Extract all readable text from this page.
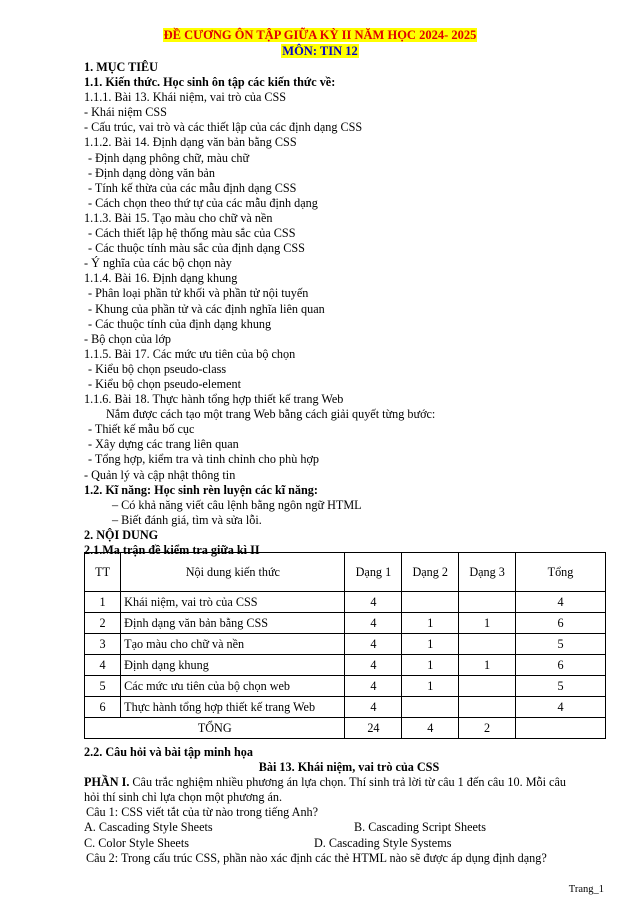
ĐỀ CƯƠNG ÔN TẬP GIỮA KỲ II NĂM HỌC 2024- 2025
MÔN: TIN 12
1. MỤC TIÊU
1.1. Kiến thức. Học sinh ôn tập các kiến thức về:
1.1.1. Bài 13. Khái niệm, vai trò của CSS
- Khái niệm CSS
- Cấu trúc, vai trò và các thiết lập của các định dạng CSS
1.1.2. Bài 14. Định dạng văn bản bằng CSS
- Định dạng phông chữ, màu chữ
- Định dạng dòng văn bản
- Tính kế thừa của các mẫu định dạng CSS
- Cách chọn theo thứ tự của các mẫu định dạng
1.1.3. Bài 15. Tạo màu cho chữ và nền
- Cách thiết lập hệ thống màu sắc của CSS
- Các thuộc tính màu sắc của định dạng CSS
- Ý nghĩa của các bộ chọn này
1.1.4. Bài 16. Định dạng khung
- Phân loại phần tử khối và phần tử nội tuyến
- Khung của phần tử và các định nghĩa liên quan
- Các thuộc tính của định dạng khung
- Bộ chọn của lớp
1.1.5. Bài 17. Các mức ưu tiên của bộ chọn
- Kiểu bộ chọn pseudo-class
- Kiểu bộ chọn pseudo-element
1.1.6. Bài 18. Thực hành tổng hợp thiết kế trang Web
Nắm được cách tạo một trang Web bằng cách giải quyết từng bước:
- Thiết kế mẫu bố cục
- Xây dựng các trang liên quan
- Tổng hợp, kiểm tra và tinh chỉnh cho phù hợp
- Quản lý và cập nhật thông tin
1.2. Kĩ năng: Học sinh rèn luyện các kĩ năng:
– Có khả năng viết câu lệnh bằng ngôn ngữ HTML
– Biết đánh giá, tìm và sửa lỗi.
2. NỘI DUNG
2.1.Ma trận đề kiểm tra giữa kì II
TT	Nội dung kiến thức	Dạng 1	Dạng 2	Dạng 3	Tổng
1	Khái niệm, vai trò của CSS	4			4
2	Định dạng văn bản bằng CSS	4	1	1	6
3	Tạo màu cho chữ và nền	4	1		5
4	Định dạng khung	4	1	1	6
5	Các mức ưu tiên của bộ chọn web	4	1		5
6	Thực hành tổng hợp thiết kế trang Web	4			4
TỔNG		24	4	2	
2.2. Câu hỏi và bài tập minh họa
Bài 13. Khái niệm, vai trò của CSS
PHẦN I. Câu trắc nghiệm nhiều phương án lựa chọn. Thí sinh trả lời từ câu 1 đến câu 10. Mỗi câu
hỏi thí sinh chỉ lựa chọn một phương án.
Câu 1: CSS viết tắt của từ nào trong tiếng Anh?
A. Cascading Style Sheets	B. Cascading Script Sheets
C. Color Style Sheets	D. Cascading Style Systems
Câu 2: Trong cấu trúc CSS, phần nào xác định các thẻ HTML nào sẽ được áp dụng định dạng?
Trang_1
